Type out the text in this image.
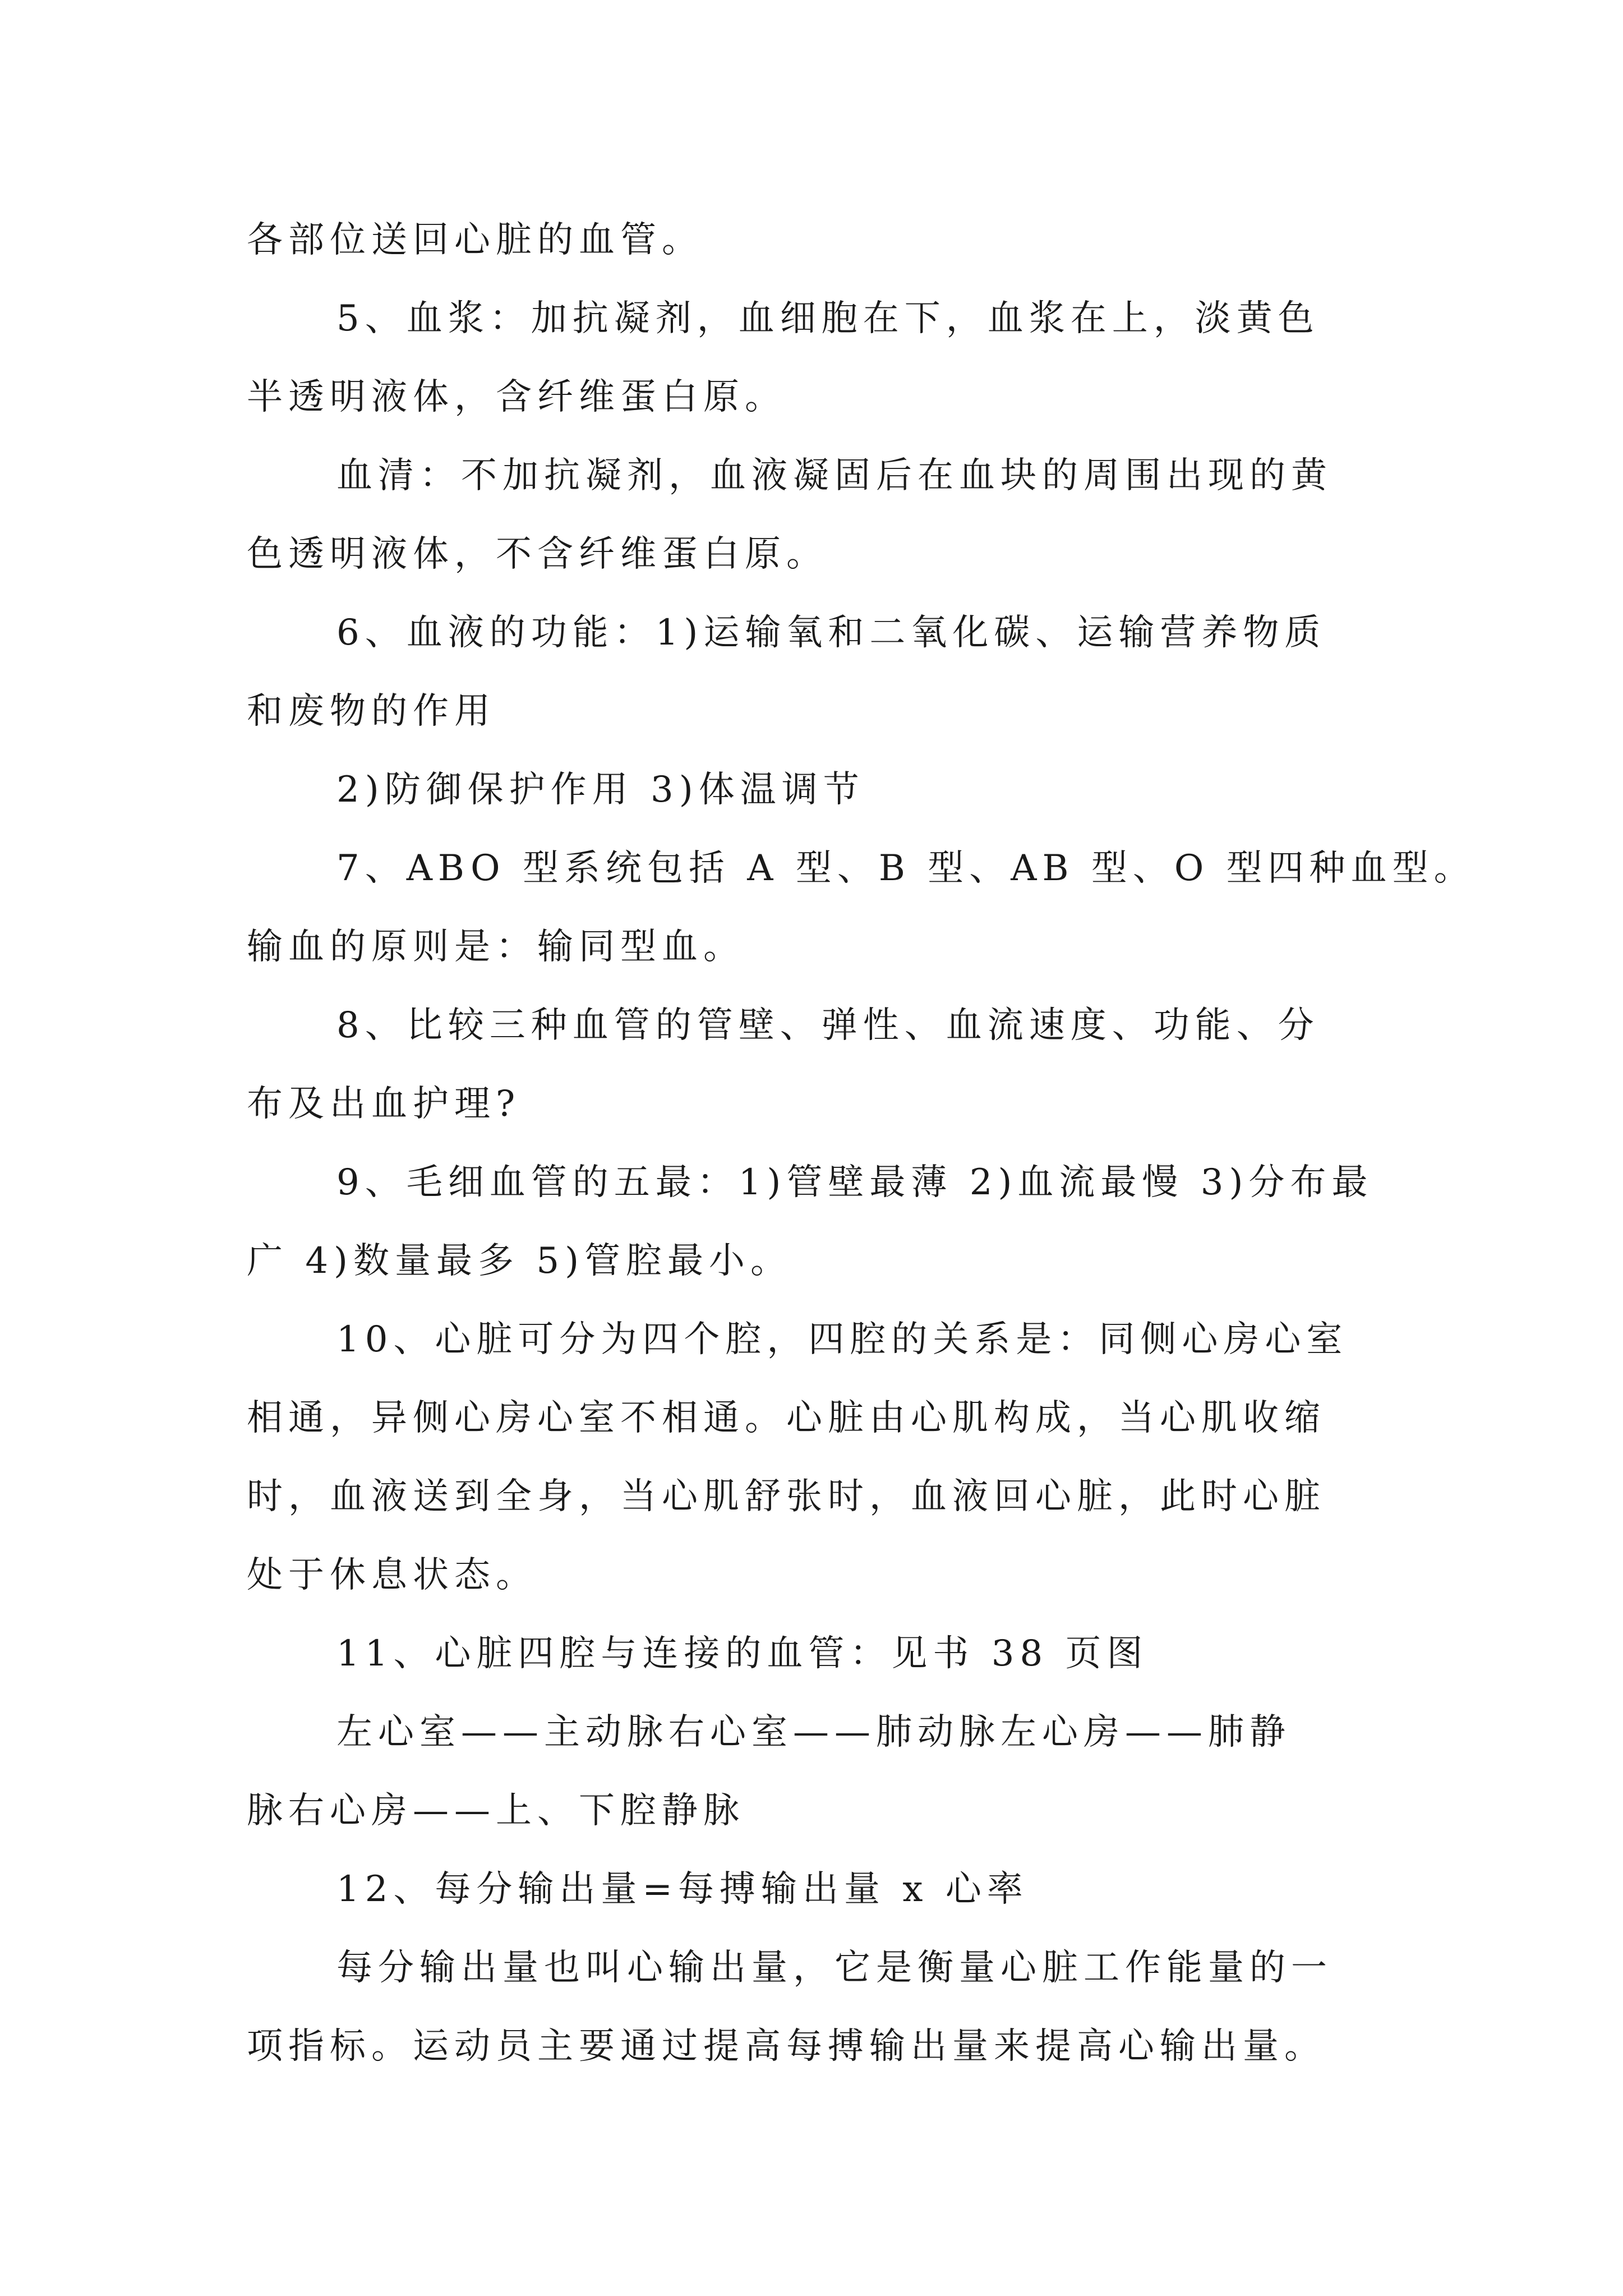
各部位送回心脏的血管。
5、血浆：加抗凝剂，血细胞在下，血浆在上，淡黄色
半透明液体，含纤维蛋白原。
血清：不加抗凝剂，血液凝固后在血块的周围出现的黄
色透明液体，不含纤维蛋白原。
6、血液的功能：1)运输氧和二氧化碳、运输营养物质
和废物的作用
2)防御保护作用 3)体温调节
7、ABO 型系统包括 A 型、B 型、AB 型、O 型四种血型。
输血的原则是：输同型血。
8、比较三种血管的管壁、弹性、血流速度、功能、分
布及出血护理?
9、毛细血管的五最：1)管壁最薄 2)血流最慢 3)分布最
广 4)数量最多 5)管腔最小。
10、心脏可分为四个腔，四腔的关系是：同侧心房心室
相通，异侧心房心室不相通。心脏由心肌构成，当心肌收缩
时，血液送到全身，当心肌舒张时，血液回心脏，此时心脏
处于休息状态。
11、心脏四腔与连接的血管：见书 38 页图
左心室——主动脉右心室——肺动脉左心房——肺静
脉右心房——上、下腔静脉
12、每分输出量=每搏输出量 x 心率
每分输出量也叫心输出量，它是衡量心脏工作能量的一
项指标。运动员主要通过提高每搏输出量来提高心输出量。
